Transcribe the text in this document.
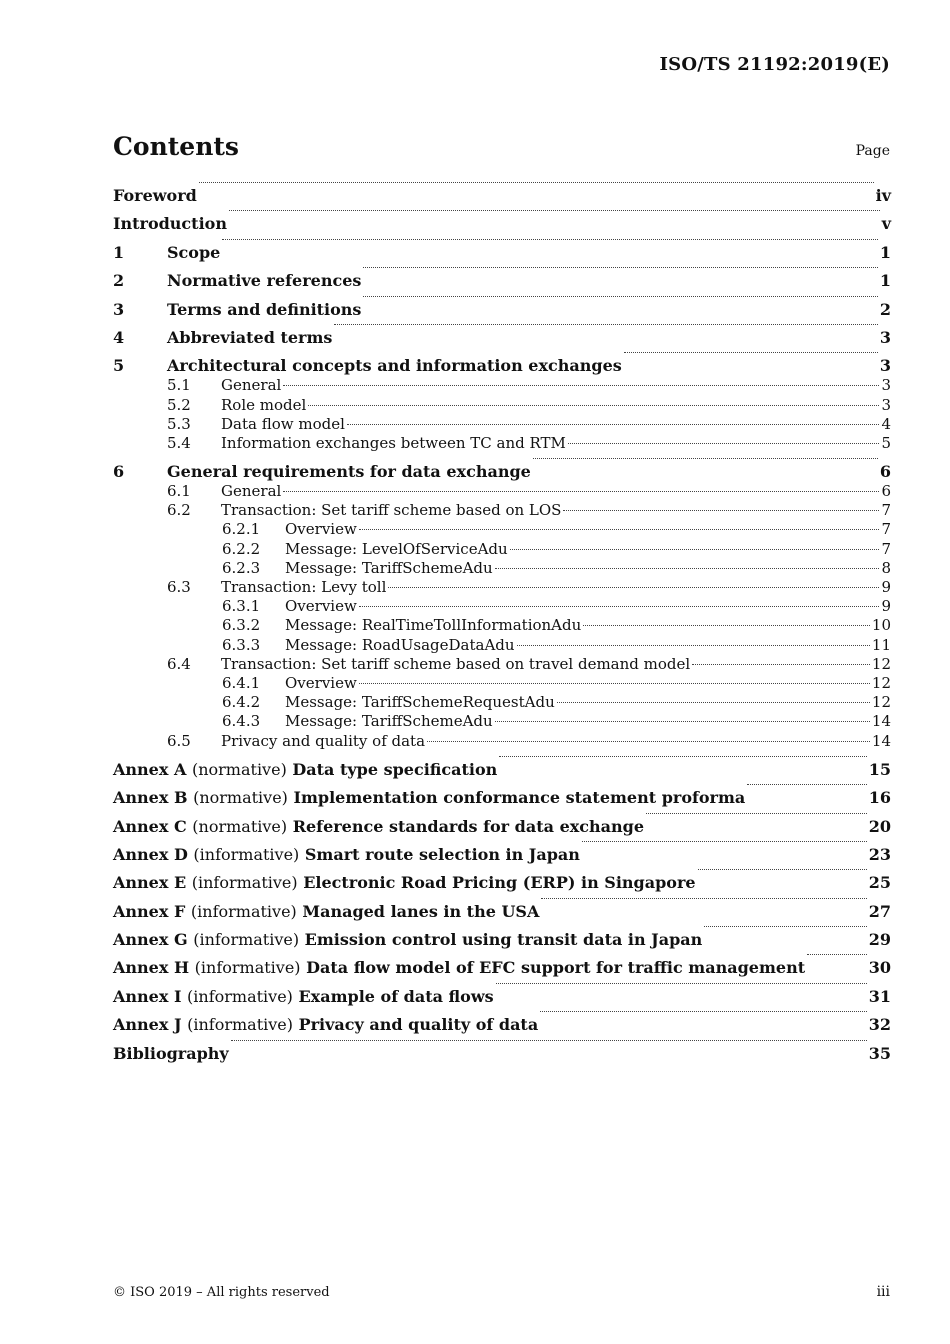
ISO/TS 21192:2019(E)
Contents	Page
Foreword	iv
Introduction	v
1	Scope	1
2	Normative references	1
3	Terms and definitions	2
4	Abbreviated terms	3
5	Architectural concepts and information exchanges	3
5.1	General	3
5.2	Role model	3
5.3	Data flow model	4
5.4	Information exchanges between TC and RTM	5
6	General requirements for data exchange	6
6.1	General	6
6.2	Transaction: Set tariff scheme based on LOS	7
6.2.1	Overview	7
6.2.2	Message: LevelOfServiceAdu	7
6.2.3	Message: TariffSchemeAdu	8
6.3	Transaction: Levy toll	9
6.3.1	Overview	9
6.3.2	Message: RealTimeTollInformationAdu	10
6.3.3	Message: RoadUsageDataAdu	11
6.4	Transaction: Set tariff scheme based on travel demand model	12
6.4.1	Overview	12
6.4.2	Message: TariffSchemeRequestAdu	12
6.4.3	Message: TariffSchemeAdu	14
6.5	Privacy and quality of data	14
Annex A (normative) Data type specification	15
Annex B (normative) Implementation conformance statement proforma	16
Annex C (normative) Reference standards for data exchange	20
Annex D (informative) Smart route selection in Japan	23
Annex E (informative) Electronic Road Pricing (ERP) in Singapore	25
Annex F (informative) Managed lanes in the USA	27
Annex G (informative) Emission control using transit data in Japan	29
Annex H (informative) Data flow model of EFC support for traffic management	30
Annex I (informative) Example of data flows	31
Annex J (informative) Privacy and quality of data	32
Bibliography	35
© ISO 2019 – All rights reserved	iii
